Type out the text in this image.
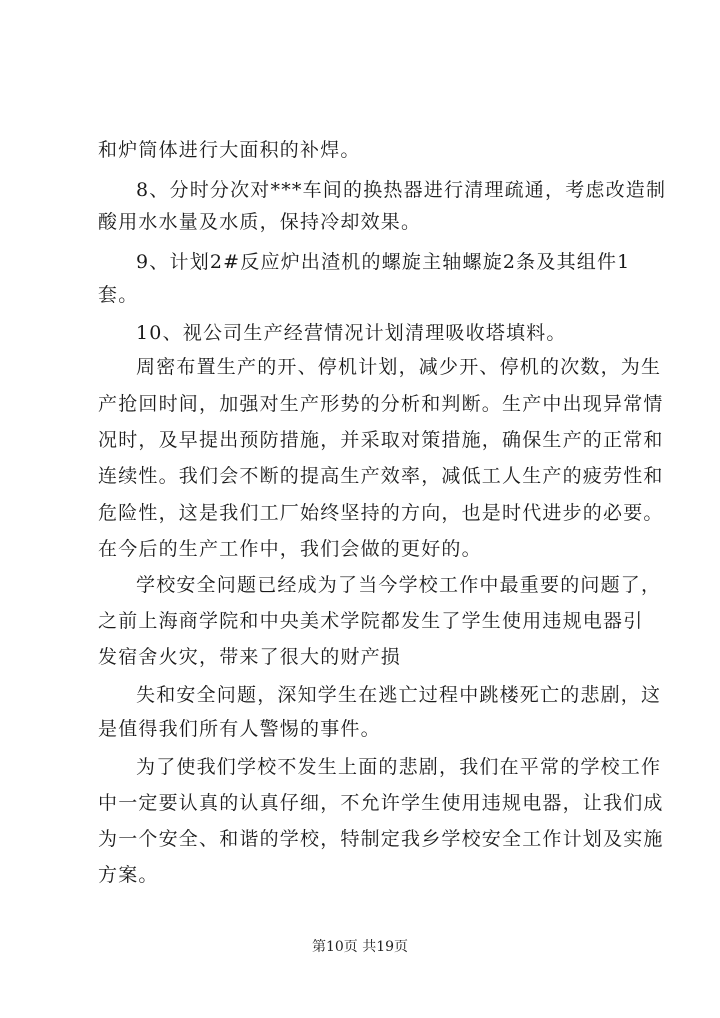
和炉筒体进行大面积的补焊。
8、分时分次对***车间的换热器进行清理疏通，考虑改造制
酸用水水量及水质，保持冷却效果。
9、计划2#反应炉出渣机的螺旋主轴螺旋2条及其组件1
套。
10、视公司生产经营情况计划清理吸收塔填料。
周密布置生产的开、停机计划，减少开、停机的次数，为生
产抢回时间，加强对生产形势的分析和判断。生产中出现异常情
况时，及早提出预防措施，并采取对策措施，确保生产的正常和
连续性。我们会不断的提高生产效率，减低工人生产的疲劳性和
危险性，这是我们工厂始终坚持的方向，也是时代进步的必要。
在今后的生产工作中，我们会做的更好的。
学校安全问题已经成为了当今学校工作中最重要的问题了，
之前上海商学院和中央美术学院都发生了学生使用违规电器引
发宿舍火灾，带来了很大的财产损
失和安全问题，深知学生在逃亡过程中跳楼死亡的悲剧，这
是值得我们所有人警惕的事件。
为了使我们学校不发生上面的悲剧，我们在平常的学校工作
中一定要认真的认真仔细，不允许学生使用违规电器，让我们成
为一个安全、和谐的学校，特制定我乡学校安全工作计划及实施
方案。
第10页 共19页
